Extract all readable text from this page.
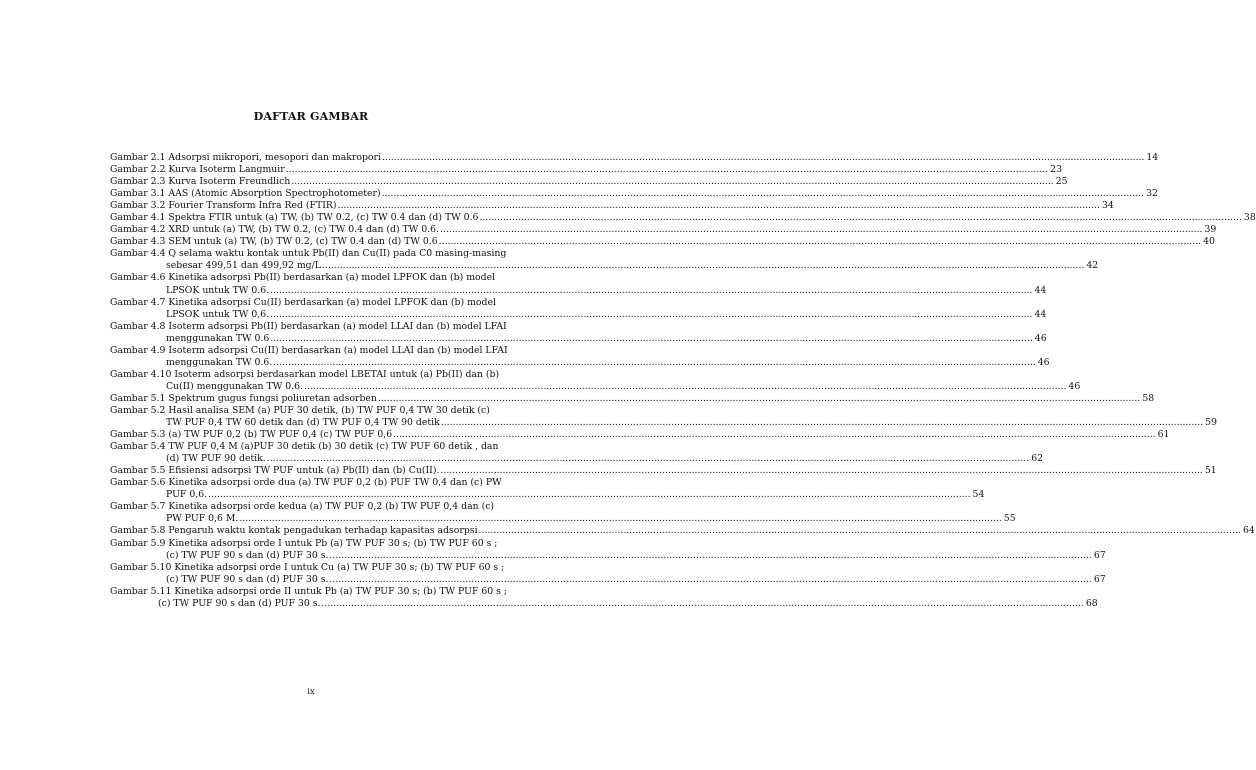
DAFTAR GAMBAR
Gambar 2.1 Adsorpsi mikropori, mesopori dan makropori .....	14
Gambar 2.2 Kurva Isoterm Langmuir .....	23
Gambar 2.3 Kurva Isoterm Freundlich .....	25
Gambar 3.1 AAS (Atomic Absorption Spectrophotometer) .....	32
Gambar 3.2 Fourier Transform Infra Red (FTIR) .....	34
Gambar 4.1 Spektra FTIR untuk (a) TW, (b) TW 0.2, (c) TW 0.4 dan (d) TW 0.6 .....	38
Gambar 4.2 XRD untuk (a) TW, (b) TW 0.2, (c) TW 0.4 dan (d) TW 0.6. .....	39
Gambar 4.3 SEM untuk (a) TW, (b) TW 0.2, (c) TW 0.4 dan (d) TW 0.6 .....	40
Gambar 4.4 Q selama waktu kontak untuk Pb(II) dan Cu(II) pada C0 masing-masing
sebesar 499,51 dan 499,92 mg/L .....	42
Gambar 4.6 Kinetika adsorpsi Pb(II) berdasarkan (a) model LPFOK dan (b) model
LPSOK untuk TW 0.6. .....	44
Gambar 4.7 Kinetika adsorpsi Cu(II) berdasarkan (a) model LPFOK dan (b) model
LPSOK untuk TW 0,6. .....	44
Gambar 4.8 Isoterm adsorpsi Pb(II) berdasarkan (a) model LLAI dan (b) model LFAI
menggunakan TW 0.6 .....	46
Gambar 4.9 Isoterm adsorpsi Cu(II) berdasarkan (a) model LLAI dan (b) model LFAI
menggunakan TW 0.6. .....	46
Gambar 4.10 Isoterm adsorpsi berdasarkan model LBETAI untuk (a) Pb(II) dan (b)
Cu(II) menggunakan TW 0.6. .....	46
Gambar 5.1 Spektrum gugus fungsi poliuretan adsorben .....	58
Gambar 5.2 Hasil analisa SEM (a) PUF 30 detik, (b) TW PUF 0,4 TW 30 detik (c)
TW PUF 0,4 TW 60 detik dan (d) TW PUF 0,4 TW 90 detik .....	59
Gambar 5.3 (a) TW PUF 0,2 (b) TW PUF 0,4 (c) TW PUF 0,6 .....	61
Gambar 5.4 TW PUF 0,4 M (a)PUF 30 detik (b) 30 detik (c) TW PUF 60 detik , dan
(d) TW PUF 90 detik. .....	62
Gambar 5.5 Efisiensi adsorpsi TW PUF untuk (a) Pb(II) dan (b) Cu(II). .....	51
Gambar 5.6 Kinetika adsorpsi orde dua (a) TW PUF 0,2 (b) PUF TW 0,4 dan (c) PW
PUF 0,6. .....	54
Gambar 5.7 Kinetika adsorpsi orde kedua (a) TW PUF 0,2 (b) TW PUF 0,4 dan (c)
PW PUF 0,6 M. .....	55
Gambar 5.8 Pengaruh waktu kontak pengadukan terhadap kapasitas adsorpsi .....	64
Gambar 5.9 Kinetika adsorpsi orde I untuk Pb (a) TW PUF 30 s; (b) TW PUF 60 s ;
(c) TW PUF 90 s dan (d) PUF 30 s. .....	67
Gambar 5.10 Kinetika adsorpsi orde I untuk Cu (a) TW PUF 30 s; (b) TW PUF 60 s ;
(c) TW PUF 90 s dan (d) PUF 30 s. .....	67
Gambar 5.11 Kinetika adsorpsi orde II untuk Pb (a) TW PUF 30 s; (b) TW PUF 60 s ;
(c) TW PUF 90 s dan (d) PUF 30 s. .....	68
ix
